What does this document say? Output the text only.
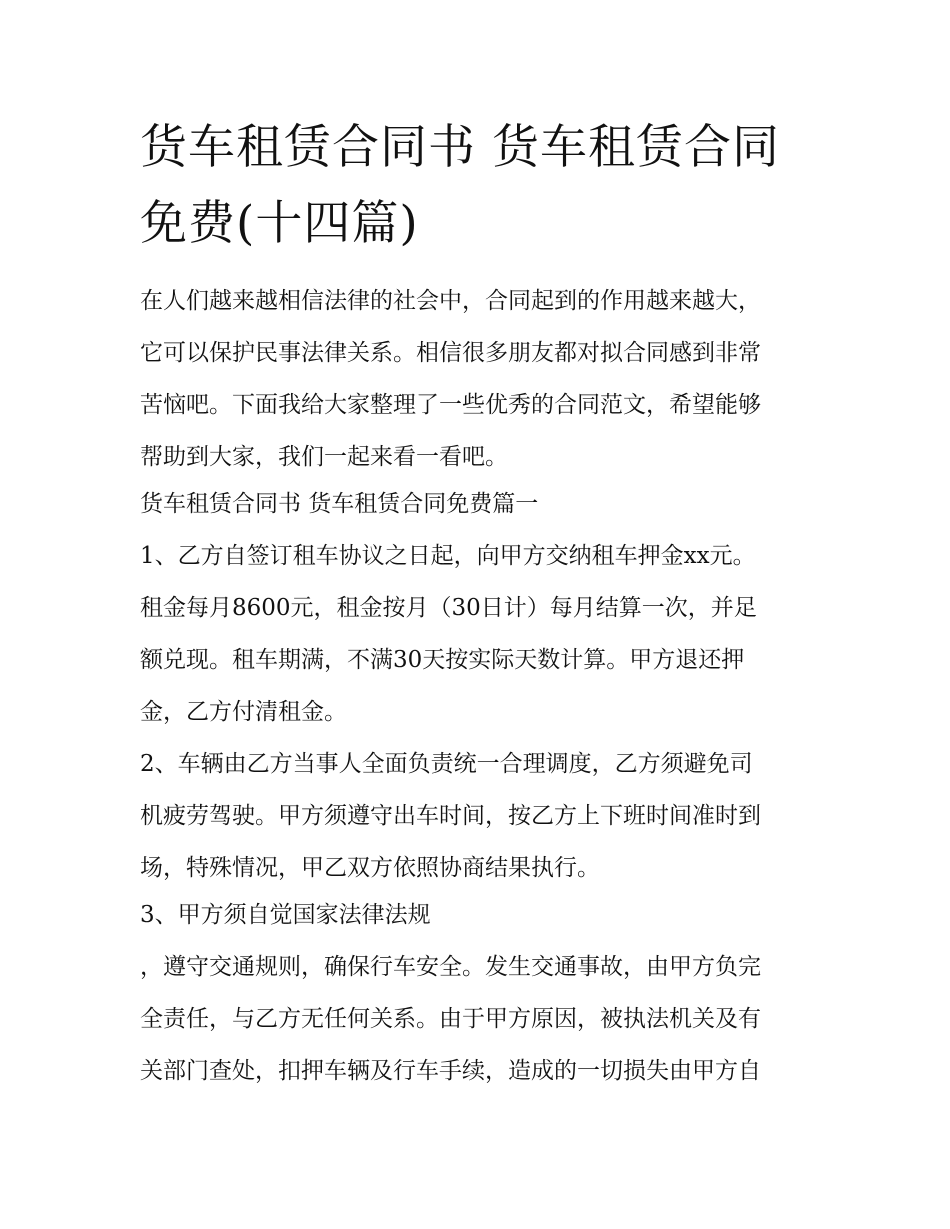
货车租赁合同书 货车租赁合同
免费(十四篇)
在人们越来越相信法律的社会中，合同起到的作用越来越大，
它可以保护民事法律关系。相信很多朋友都对拟合同感到非常
苦恼吧。下面我给大家整理了一些优秀的合同范文，希望能够
帮助到大家，我们一起来看一看吧。
货车租赁合同书 货车租赁合同免费篇一
1、乙方自签订租车协议之日起，向甲方交纳租车押金xx元。
租金每月8600元，租金按月（30日计）每月结算一次，并足
额兑现。租车期满，不满30天按实际天数计算。甲方退还押
金，乙方付清租金。
2、车辆由乙方当事人全面负责统一合理调度，乙方须避免司
机疲劳驾驶。甲方须遵守出车时间，按乙方上下班时间准时到
场，特殊情况，甲乙双方依照协商结果执行。
3、甲方须自觉国家法律法规
，遵守交通规则，确保行车安全。发生交通事故，由甲方负完
全责任，与乙方无任何关系。由于甲方原因，被执法机关及有
关部门查处，扣押车辆及行车手续，造成的一切损失由甲方自
